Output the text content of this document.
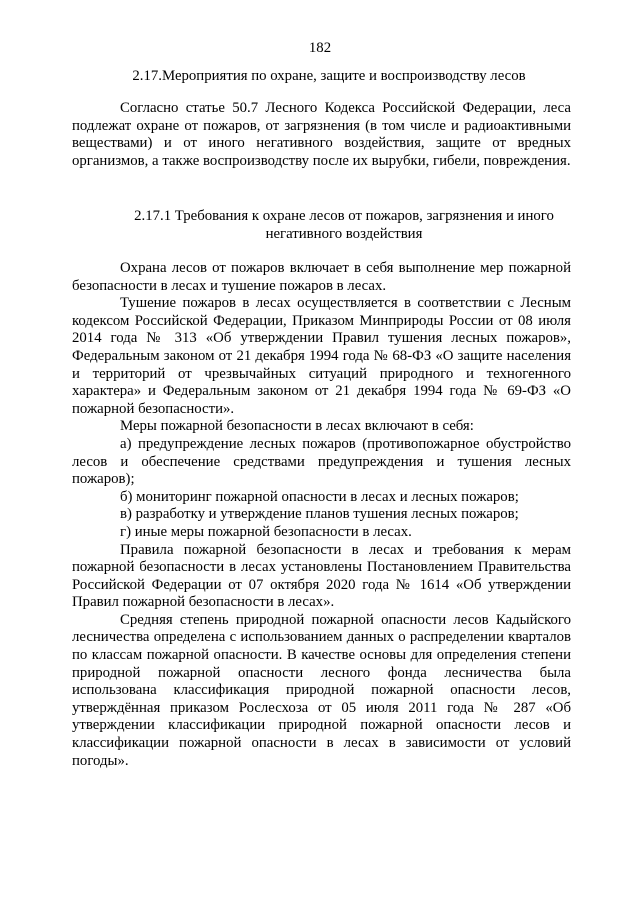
182
2.17.Мероприятия по охране, защите и воспроизводству лесов

Согласно статье 50.7 Лесного Кодекса Российской Федерации, леса подлежат охране от пожаров, от загрязнения (в том числе и радиоактивными веществами) и от иного негативного воздействия, защите от вредных организмов, а также воспроизводству после их вырубки, гибели, повреждения.

2.17.1 Требования к охране лесов от пожаров, загрязнения и иного негативного воздействия

Охрана лесов от пожаров включает в себя выполнение мер пожарной безопасности в лесах и тушение пожаров в лесах.

Тушение пожаров в лесах осуществляется в соответствии с Лесным кодексом Российской Федерации, Приказом Минприроды России от 08 июля 2014 года № 313 «Об утверждении Правил тушения лесных пожаров», Федеральным законом от 21 декабря 1994 года № 68-ФЗ «О защите населения и территорий от чрезвычайных ситуаций природного и техногенного характера» и Федеральным законом от 21 декабря 1994 года № 69-ФЗ «О пожарной безопасности».

Меры пожарной безопасности в лесах включают в себя:

а) предупреждение лесных пожаров (противопожарное обустройство лесов и обеспечение средствами предупреждения и тушения лесных пожаров);

б) мониторинг пожарной опасности в лесах и лесных пожаров;

в) разработку и утверждение планов тушения лесных пожаров;

г) иные меры пожарной безопасности в лесах.

Правила пожарной безопасности в лесах и требования к мерам пожарной безопасности в лесах установлены Постановлением Правительства Российской Федерации от 07 октября 2020 года № 1614 «Об утверждении Правил пожарной безопасности в лесах».

Средняя степень природной пожарной опасности лесов Кадыйского лесничества определена с использованием данных о распределении кварталов по классам пожарной опасности. В качестве основы для определения степени природной пожарной опасности лесного фонда лесничества была использована классификация природной пожарной опасности лесов, утверждённая приказом Рослесхоза от 05 июля 2011 года № 287 «Об утверждении классификации природной пожарной опасности лесов и классификации пожарной опасности в лесах в зависимости от условий погоды».
